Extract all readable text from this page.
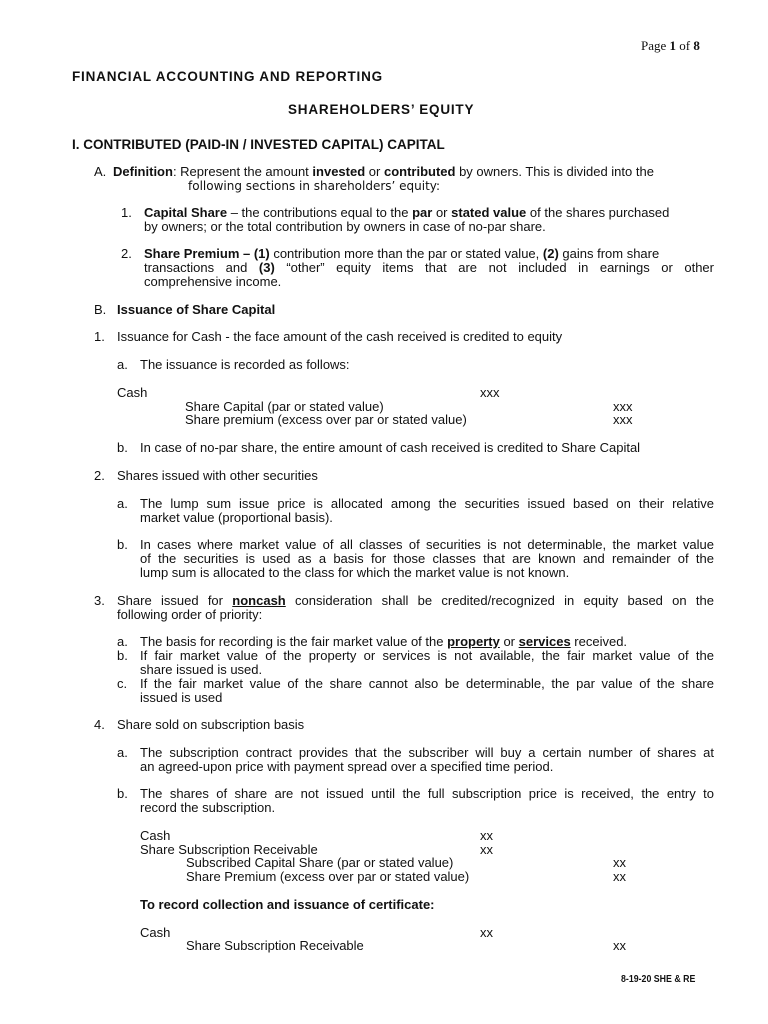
Page 1 of 8
FINANCIAL ACCOUNTING AND REPORTING
SHAREHOLDERS’ EQUITY
I. CONTRIBUTED (PAID-IN / INVESTED CAPITAL) CAPITAL
A. Definition: Represent the amount invested or contributed by owners. This is divided into the
following sections in shareholders’ equity:
1. Capital Share – the contributions equal to the par or stated value of the shares purchased
by owners; or the total contribution by owners in case of no-par share.
2. Share Premium – (1) contribution more than the par or stated value, (2) gains from share
transactions and (3) “other” equity items that are not included in earnings or other
comprehensive income.
B. Issuance of Share Capital
1. Issuance for Cash - the face amount of the cash received is credited to equity
a. The issuance is recorded as follows:
Cash	xxx
Share Capital (par or stated value)	xxx
Share premium (excess over par or stated value)	xxx
b. In case of no-par share, the entire amount of cash received is credited to Share Capital
2. Shares issued with other securities
a. The lump sum issue price is allocated among the securities issued based on their relative
market value (proportional basis).
b. In cases where market value of all classes of securities is not determinable, the market value
of the securities is used as a basis for those classes that are known and remainder of the
lump sum is allocated to the class for which the market value is not known.
3. Share issued for noncash consideration shall be credited/recognized in equity based on the
following order of priority:
a. The basis for recording is the fair market value of the property or services received.
b. If fair market value of the property or services is not available, the fair market value of the
share issued is used.
c. If the fair market value of the share cannot also be determinable, the par value of the share
issued is used
4. Share sold on subscription basis
a. The subscription contract provides that the subscriber will buy a certain number of shares at
an agreed-upon price with payment spread over a specified time period.
b. The shares of share are not issued until the full subscription price is received, the entry to
record the subscription.
Cash	xx
Share Subscription Receivable	xx
Subscribed Capital Share (par or stated value)	xx
Share Premium (excess over par or stated value)	xx
To record collection and issuance of certificate:
Cash	xx
Share Subscription Receivable	xx
8-19-20 SHE & RE
